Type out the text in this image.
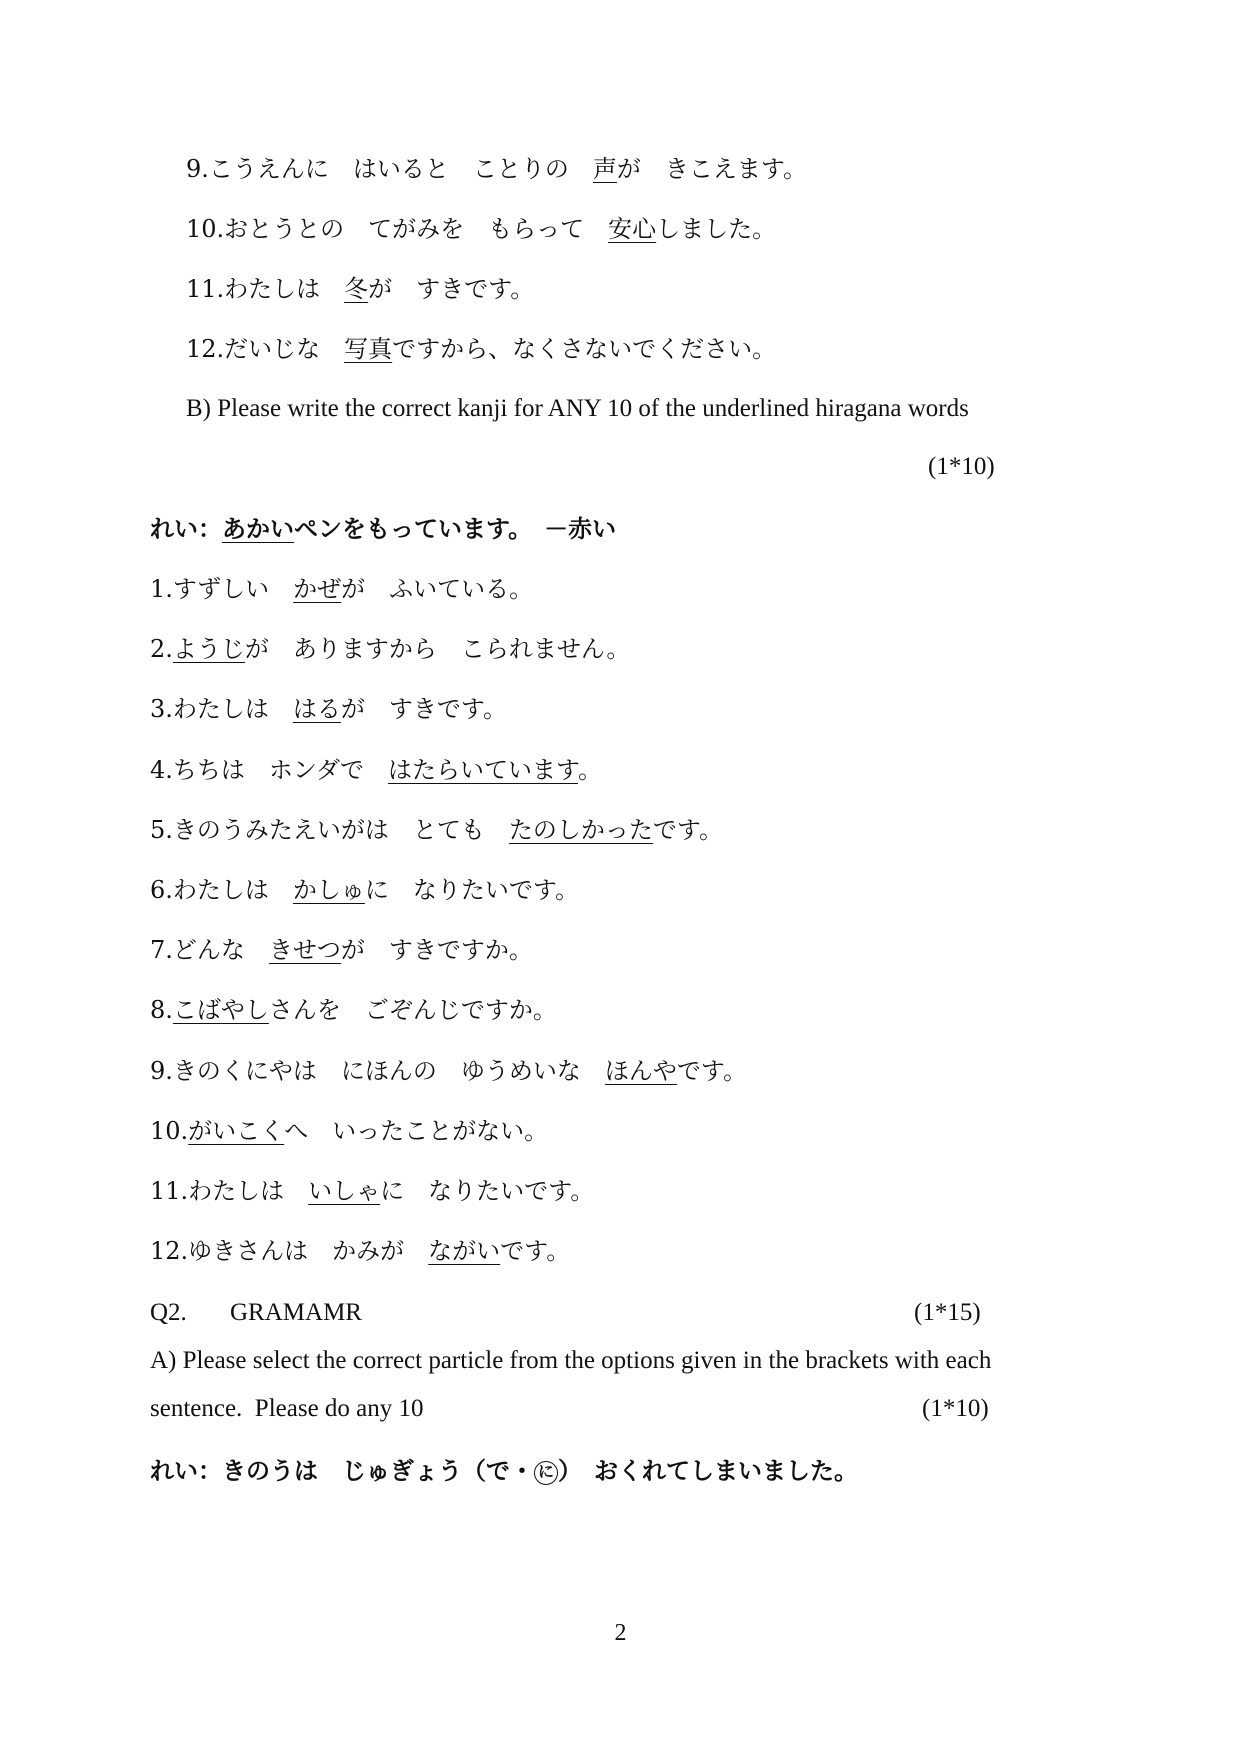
9.こうえんに　はいると　ことりの　声が　きこえます。
10.おとうとの　てがみを　もらって　安心しました。
11.わたしは　冬が　すきです。
12.だいじな　写真ですから、なくさないでください。
B) Please write the correct kanji for ANY 10 of the underlined hiragana words
(1*10)
れい：あかいペンをもっています。　－赤い
1.すずしい　かぜが　ふいている。
2.ようじが　ありますから　こられません。
3.わたしは　はるが　すきです。
4.ちちは　ホンダで　はたらいています。
5.きのうみたえいがは　とても　たのしかったです。
6.わたしは　かしゅに　なりたいです。
7.どんな　きせつが　すきですか。
8.こばやしさんを　ごぞんじですか。
9.きのくにやは　にほんの　ゆうめいな　ほんやです。
10.がいこくへ　いったことがない。
11.わたしは　いしゃに　なりたいです。
12.ゆきさんは　かみが　ながいです。
Q2. GRAMAMR	(1*15)
A) Please select the correct particle from the options given in the brackets with each
sentence.  Please do any 10	(1*10)
れい：きのうは　じゅぎょう（で・ に ）　おくれてしまいました。
2
